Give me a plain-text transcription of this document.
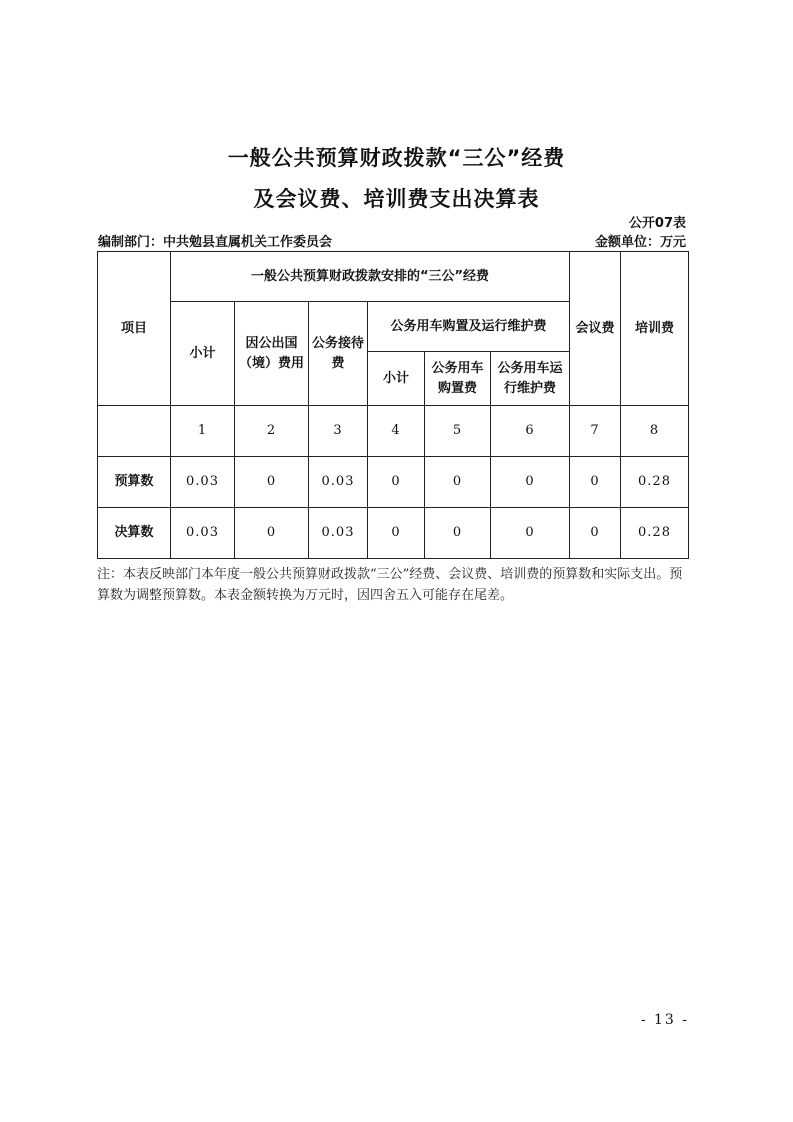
一般公共预算财政拨款“三公”经费
及会议费、培训费支出决算表
公开07表
编制部门：中共勉县直属机关工作委员会	金额单位：万元
项目	一般公共预算财政拨款安排的“三公”经费						会议费	培训费
	小计	因公出国（境）费用	公务接待费	公务用车购置及运行维护费				
				小计	公务用车购置费	公务用车运行维护费		
	1	2	3	4	5	6	7	8
预算数	0.03	0	0.03	0	0	0	0	0.28
决算数	0.03	0	0.03	0	0	0	0	0.28
注：本表反映部门本年度一般公共预算财政拨款“三公”经费、会议费、培训费的预算数和实际支出。预算数为调整预算数。本表金额转换为万元时，因四舍五入可能存在尾差。
- 13 -
